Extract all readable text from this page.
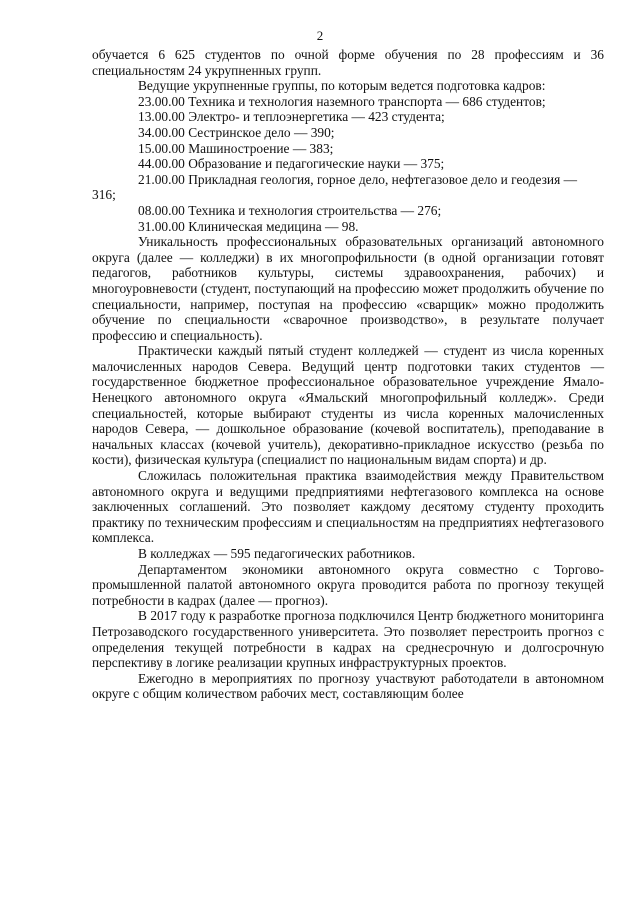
2

обучается 6 625 студентов по очной форме обучения по 28 профессиям и 36 специальностям 24 укрупненных групп.

Ведущие укрупненные группы, по которым ведется подготовка кадров:

23.00.00 Техника и технология наземного транспорта — 686 студентов;

13.00.00 Электро- и теплоэнергетика — 423 студента;

34.00.00 Сестринское дело — 390;

15.00.00 Машиностроение — 383;

44.00.00 Образование и педагогические науки — 375;

21.00.00 Прикладная геология, горное дело, нефтегазовое дело и геодезия — 316;

08.00.00 Техника и технология строительства — 276;

31.00.00 Клиническая медицина — 98.

Уникальность профессиональных образовательных организаций автономного округа (далее — колледжи) в их многопрофильности (в одной организации готовят педагогов, работников культуры, системы здравоохранения, рабочих) и многоуровневости (студент, поступающий на профессию может продолжить обучение по специальности, например, поступая на профессию «сварщик» можно продолжить обучение по специальности «сварочное производство», в результате получает профессию и специальность).

Практически каждый пятый студент колледжей — студент из числа коренных малочисленных народов Севера. Ведущий центр подготовки таких студентов — государственное бюджетное профессиональное образовательное учреждение Ямало-Ненецкого автономного округа «Ямальский многопрофильный колледж». Среди специальностей, которые выбирают студенты из числа коренных малочисленных народов Севера, — дошкольное образование (кочевой воспитатель), преподавание в начальных классах (кочевой учитель), декоративно-прикладное искусство (резьба по кости), физическая культура (специалист по национальным видам спорта) и др.

Сложилась положительная практика взаимодействия между Правительством автономного округа и ведущими предприятиями нефтегазового комплекса на основе заключенных соглашений. Это позволяет каждому десятому студенту проходить практику по техническим профессиям и специальностям на предприятиях нефтегазового комплекса.

В колледжах — 595 педагогических работников.

Департаментом экономики автономного округа совместно с Торгово-промышленной палатой автономного округа проводится работа по прогнозу текущей потребности в кадрах (далее — прогноз).

В 2017 году к разработке прогноза подключился Центр бюджетного мониторинга Петрозаводского государственного университета. Это позволяет перестроить прогноз с определения текущей потребности в кадрах на среднесрочную и долгосрочную перспективу в логике реализации крупных инфраструктурных проектов.

Ежегодно в мероприятиях по прогнозу участвуют работодатели в автономном округе с общим количеством рабочих мест, составляющим более
